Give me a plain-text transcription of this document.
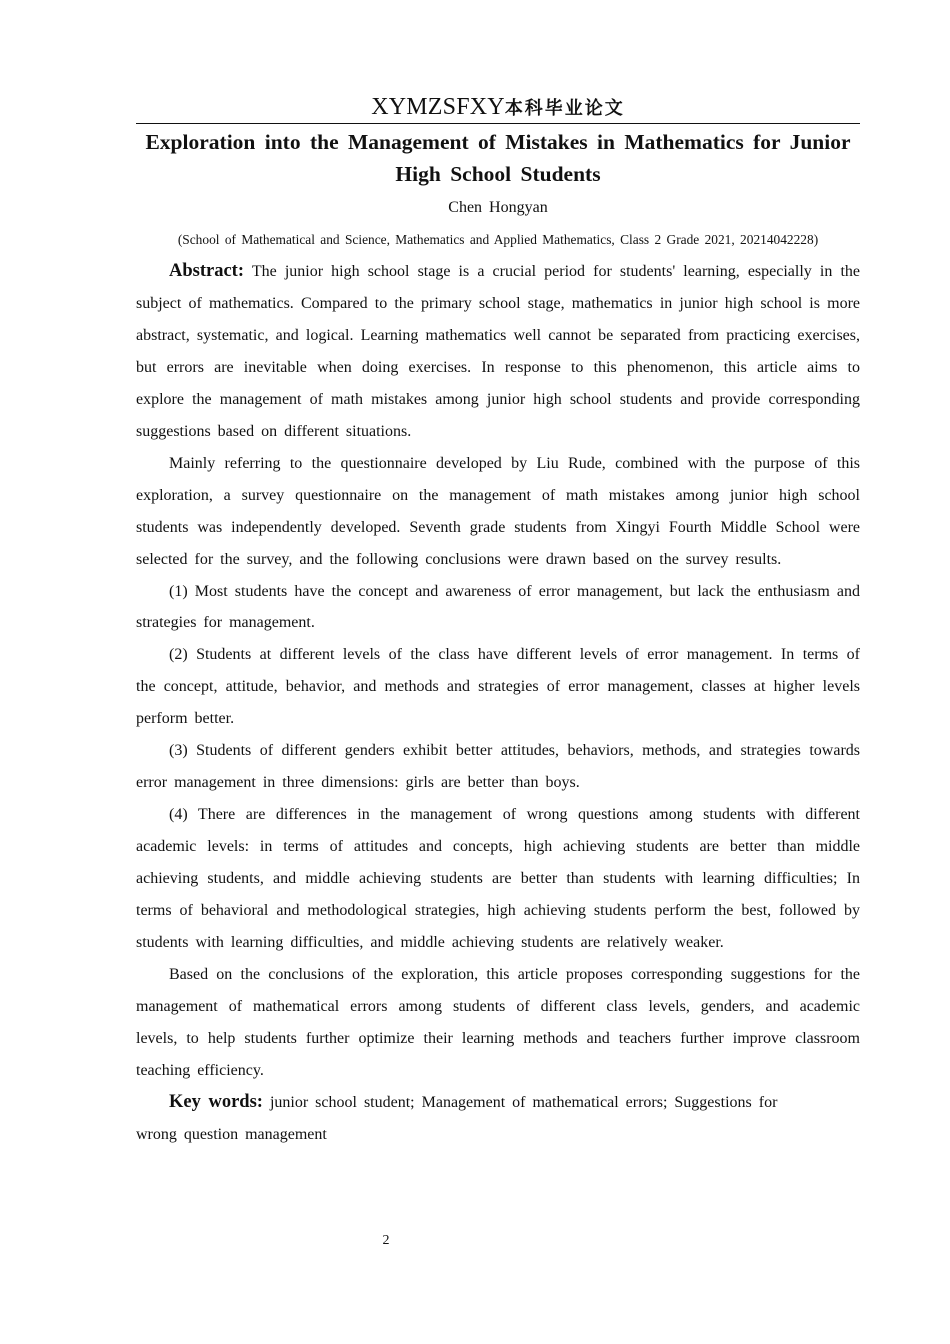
XYMZSFXY本科毕业论文
Exploration into the Management of Mistakes in Mathematics for Junior High School Students
Chen Hongyan
(School of Mathematical and Science, Mathematics and Applied Mathematics, Class 2 Grade 2021, 20214042228)

Abstract: The junior high school stage is a crucial period for students' learning, especially in the subject of mathematics. Compared to the primary school stage, mathematics in junior high school is more abstract, systematic, and logical. Learning mathematics well cannot be separated from practicing exercises, but errors are inevitable when doing exercises. In response to this phenomenon, this article aims to explore the management of math mistakes among junior high school students and provide corresponding suggestions based on different situations.

Mainly referring to the questionnaire developed by Liu Rude, combined with the purpose of this exploration, a survey questionnaire on the management of math mistakes among junior high school students was independently developed. Seventh grade students from Xingyi Fourth Middle School were selected for the survey, and the following conclusions were drawn based on the survey results.

(1) Most students have the concept and awareness of error management, but lack the enthusiasm and strategies for management.

(2) Students at different levels of the class have different levels of error management. In terms of the concept, attitude, behavior, and methods and strategies of error management, classes at higher levels perform better.

(3) Students of different genders exhibit better attitudes, behaviors, methods, and strategies towards error management in three dimensions: girls are better than boys.

(4) There are differences in the management of wrong questions among students with different academic levels: in terms of attitudes and concepts, high achieving students are better than middle achieving students, and middle achieving students are better than students with learning difficulties; In terms of behavioral and methodological strategies, high achieving students perform the best, followed by students with learning difficulties, and middle achieving students are relatively weaker.

Based on the conclusions of the exploration, this article proposes corresponding suggestions for the management of mathematical errors among students of different class levels, genders, and academic levels, to help students further optimize their learning methods and teachers further improve classroom teaching efficiency.

Key words: junior school student; Management of mathematical errors; Suggestions for wrong question management

2
